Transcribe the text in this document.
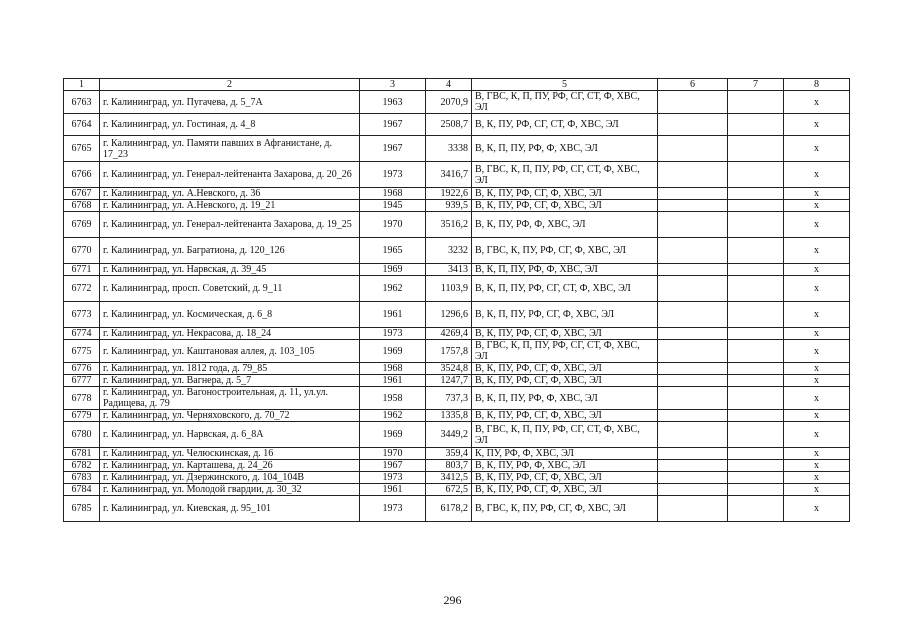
1	2	3	4	5	6	7	8
6763	г. Калининград, ул. Пугачева, д. 5_7А	1963	2070,9	В, ГВС, К, П, ПУ, РФ, СГ, СТ, Ф, ХВС, ЭЛ			х
6764	г. Калининград, ул. Гостиная, д. 4_8	1967	2508,7	В, К, ПУ, РФ, СГ, СТ, Ф, ХВС, ЭЛ			х
6765	г. Калининград, ул. Памяти павших в Афганистане, д. 17_23	1967	3338	В, К, П, ПУ, РФ, Ф, ХВС, ЭЛ			х
6766	г. Калининград, ул. Генерал-лейтенанта Захарова, д. 20_26	1973	3416,7	В, ГВС, К, П, ПУ, РФ, СГ, СТ, Ф, ХВС, ЭЛ			х
6767	г. Калининград, ул. А.Невского, д. 36	1968	1922,6	В, К, ПУ, РФ, СГ, Ф, ХВС, ЭЛ			х
6768	г. Калининград, ул. А.Невского, д. 19_21	1945	939,5	В, К, ПУ, РФ, СГ, Ф, ХВС, ЭЛ			х
6769	г. Калининград, ул. Генерал-лейтенанта Захарова, д. 19_25	1970	3516,2	В, К, ПУ, РФ, Ф, ХВС, ЭЛ			х
6770	г. Калининград, ул. Багратиона, д. 120_126	1965	3232	В, ГВС, К, ПУ, РФ, СГ, Ф, ХВС, ЭЛ			х
6771	г. Калининград, ул. Нарвская, д. 39_45	1969	3413	В, К, П, ПУ, РФ, Ф, ХВС, ЭЛ			х
6772	г. Калининград, просп. Советский, д. 9_11	1962	1103,9	В, К, П, ПУ, РФ, СГ, СТ, Ф, ХВС, ЭЛ			х
6773	г. Калининград, ул. Космическая, д. 6_8	1961	1296,6	В, К, П, ПУ, РФ, СГ, Ф, ХВС, ЭЛ			х
6774	г. Калининград, ул. Некрасова, д. 18_24	1973	4269,4	В, К, ПУ, РФ, СГ, Ф, ХВС, ЭЛ			х
6775	г. Калининград, ул. Каштановая аллея, д. 103_105	1969	1757,8	В, ГВС, К, П, ПУ, РФ, СГ, СТ, Ф, ХВС, ЭЛ			х
6776	г. Калининград, ул. 1812 года, д. 79_85	1968	3524,8	В, К, ПУ, РФ, СГ, Ф, ХВС, ЭЛ			х
6777	г. Калининград, ул. Вагнера, д. 5_7	1961	1247,7	В, К, ПУ, РФ, СГ, Ф, ХВС, ЭЛ			х
6778	г. Калининград, ул. Вагоностроительная, д. 11, ул.ул. Радищева, д. 79	1958	737,3	В, К, П, ПУ, РФ, Ф, ХВС, ЭЛ			х
6779	г. Калининград, ул. Черняховского, д. 70_72	1962	1335,8	В, К, ПУ, РФ, СГ, Ф, ХВС, ЭЛ			х
6780	г. Калининград, ул. Нарвская, д. 6_8А	1969	3449,2	В, ГВС, К, П, ПУ, РФ, СГ, СТ, Ф, ХВС, ЭЛ			х
6781	г. Калининград, ул. Челюскинская, д. 16	1970	359,4	К, ПУ, РФ, Ф, ХВС, ЭЛ			х
6782	г. Калининград, ул. Карташева, д. 24_26	1967	803,7	В, К, ПУ, РФ, Ф, ХВС, ЭЛ			х
6783	г. Калининград, ул. Дзержинского, д. 104_104В	1973	3412,5	В, К, ПУ, РФ, СГ, Ф, ХВС, ЭЛ			х
6784	г. Калининград, ул. Молодой гвардии, д. 30_32	1961	672,5	В, К, ПУ, РФ, СГ, Ф, ХВС, ЭЛ			х
6785	г. Калининград, ул. Киевская, д. 95_101	1973	6178,2	В, ГВС, К, ПУ, РФ, СГ, Ф, ХВС, ЭЛ			х
296
